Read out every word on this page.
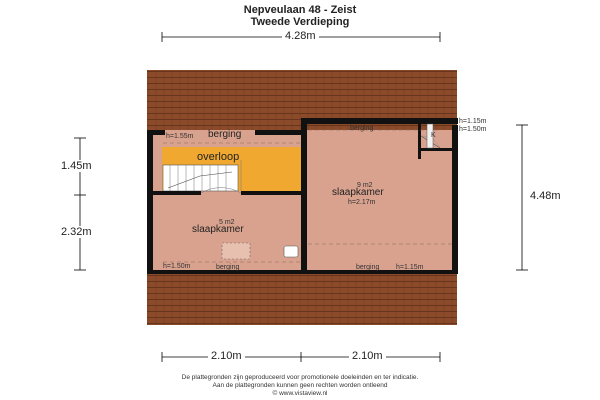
Nepveulaan 48 - Zeist
Tweede Verdieping
4.28m
1.45m
2.32m
4.48m
2.10m	2.10m
overloop
5 m2
slaapkamer
9 m2
slaapkamer
h=2.17m
h=1.55m berging
berging
h=1.15m
h=1.50m
K
h=1.50m	berging	berging h=1.15m
De plattegronden zijn geproduceerd voor promotionele doeleinden en ter indicatie.
Aan de plattegronden kunnen geen rechten worden ontleend
© www.vistaview.nl
